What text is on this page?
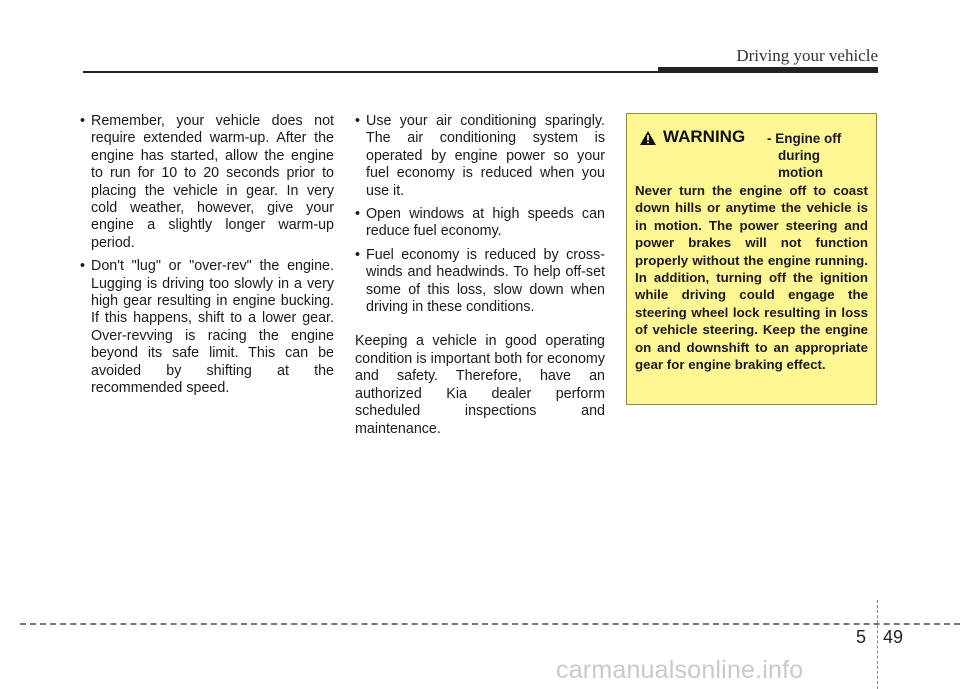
Driving your vehicle
• Remember, your vehicle does not require extended warm-up. After the engine has started, allow the engine to run for 10 to 20 seconds prior to placing the vehicle in gear. In very cold weather, however, give your engine a slightly longer warm-up period.
• Don't "lug" or "over-rev" the engine. Lugging is driving too slowly in a very high gear resulting in engine bucking. If this happens, shift to a lower gear. Over-revving is racing the engine beyond its safe limit. This can be avoided by shifting at the recommended speed.
• Use your air conditioning sparingly. The air conditioning system is operated by engine power so your fuel economy is reduced when you use it.
• Open windows at high speeds can reduce fuel economy.
• Fuel economy is reduced by cross-winds and headwinds. To help off-set some of this loss, slow down when driving in these conditions.

Keeping a vehicle in good operating condition is important both for economy and safety. Therefore, have an authorized Kia dealer perform scheduled inspections and maintenance.

WARNING - Engine off
during
motion
Never turn the engine off to coast down hills or anytime the vehicle is in motion. The power steering and power brakes will not function properly without the engine running. In addition, turning off the ignition while driving could engage the steering wheel lock resulting in loss of vehicle steering. Keep the engine on and downshift to an appropriate gear for engine braking effect.
5 49
carmanualsonline.info
